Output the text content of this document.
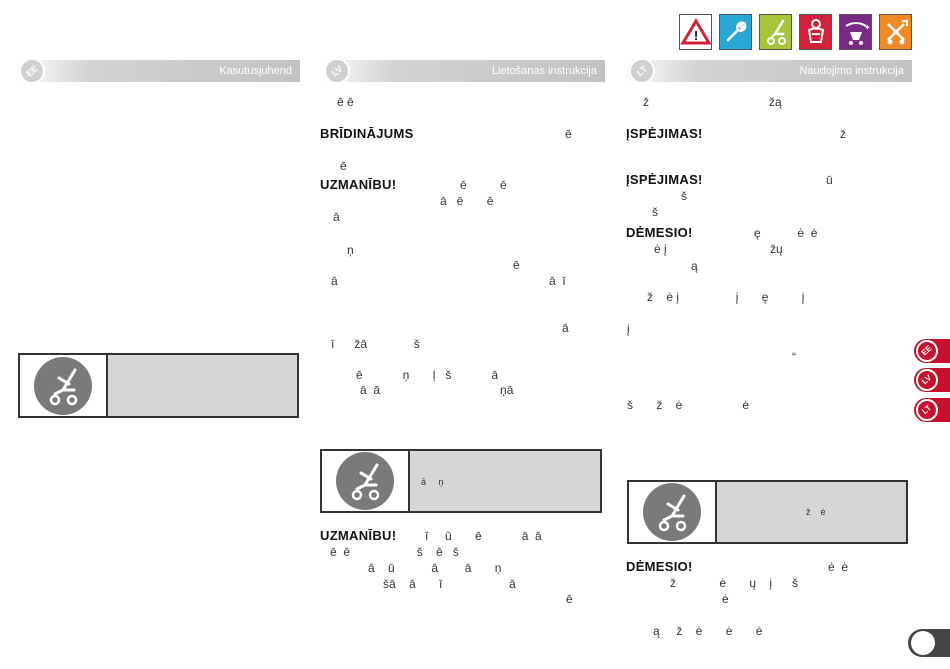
!
✦
Kasutusjuhend
EE	Lietošanas instrukcija
LV	Naudojimo instrukcija
LT
ē ē
BRĪDINĀJUMS	ē
ē
UZMANĪBU!	ē          ē
ā   ē       ē
ā
ņ
ē
ā	ā  ī
ā
ī      žā              š
ē            ņ       ļ   š            ā
ā  ā                                    ņā
ā     ņ
UZMANĪBU! ī     ū       ē            ā  ā
ē  ē                    š    ē   š
ā    ū           ā        ā       ņ
šā    ā       ī                    ā
ē
ž                                    žą
ĮSPĖJIMAS!	ž
ĮSPĖJIMAS!	ū
š
š
DĖMESIO!	ę           ė  ė
ė į                               žų
ą
ž    ė į                 į       ę          į
į
“
š       ž    ė                  ė
ž    ė
DĖMESIO!	ė  ė
ž             ė       ų    į      š
ė
ą     ž    ė       ė       ė
EE
LV
LT
